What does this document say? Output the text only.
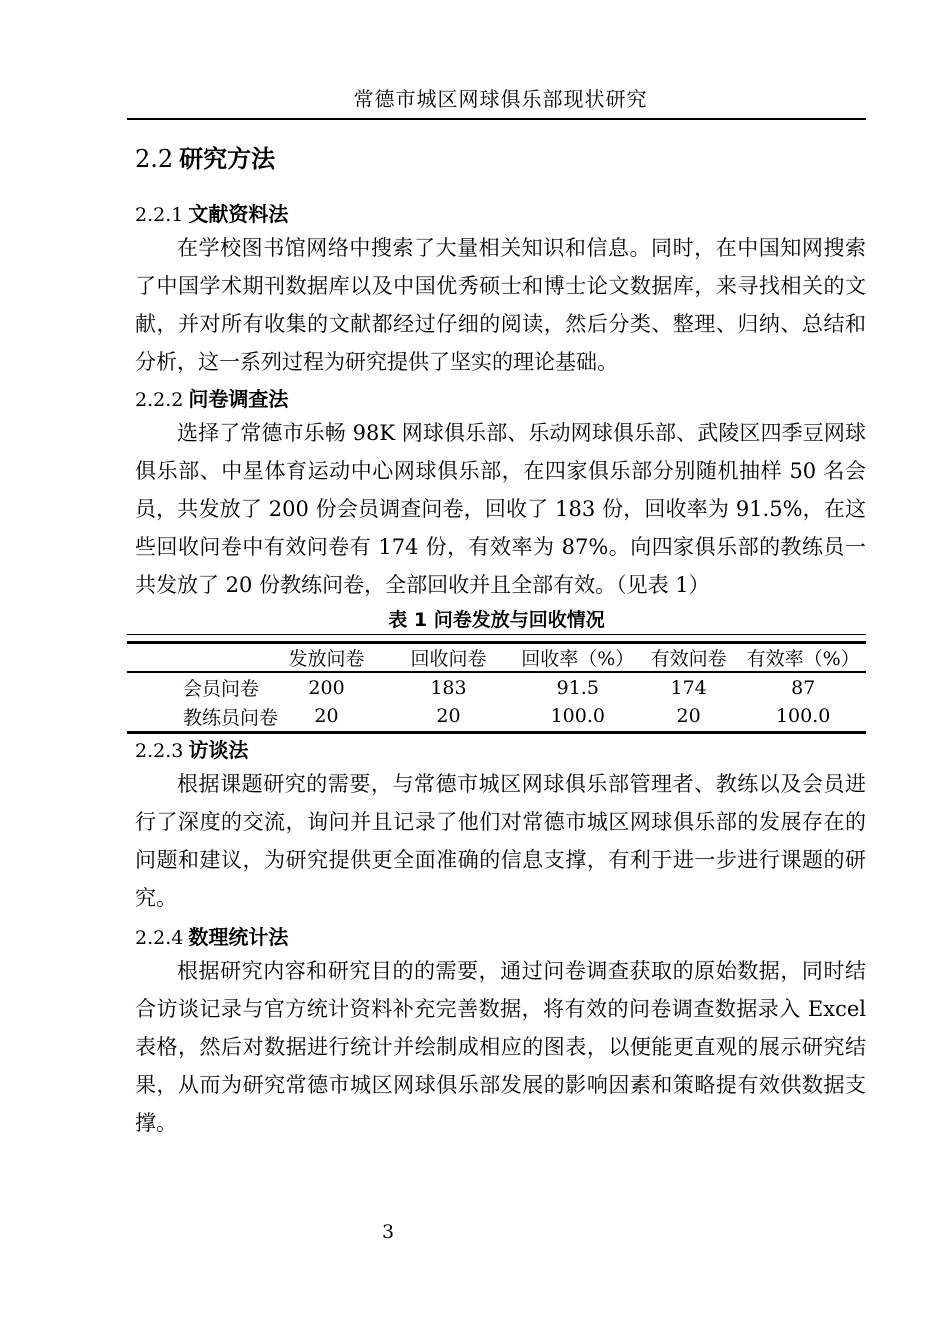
常德市城区网球俱乐部现状研究
2.2 研究方法
2.2.1 文献资料法

在学校图书馆网络中搜索了大量相关知识和信息。同时，在中国知网搜索了中国学术期刊数据库以及中国优秀硕士和博士论文数据库，来寻找相关的文献，并对所有收集的文献都经过仔细的阅读，然后分类、整理、归纳、总结和分析，这一系列过程为研究提供了坚实的理论基础。

2.2.2 问卷调查法

选择了常德市乐畅 98K 网球俱乐部、乐动网球俱乐部、武陵区四季豆网球俱乐部、中星体育运动中心网球俱乐部，在四家俱乐部分别随机抽样 50 名会员，共发放了 200 份会员调查问卷，回收了 183 份，回收率为 91.5%，在这些回收问卷中有效问卷有 174 份，有效率为 87%。向四家俱乐部的教练员一共发放了 20 份教练问卷，全部回收并且全部有效。（见表 1）

表 1 问卷发放与回收情况
	发放问卷	回收问卷	回收率（%）	有效问卷	有效率（%）
会员问卷	200	183	91.5	174	87
教练员问卷	20	20	100.0	20	100.0
2.2.3 访谈法

根据课题研究的需要，与常德市城区网球俱乐部管理者、教练以及会员进行了深度的交流，询问并且记录了他们对常德市城区网球俱乐部的发展存在的问题和建议，为研究提供更全面准确的信息支撑，有利于进一步进行课题的研究。

2.2.4 数理统计法

根据研究内容和研究目的的需要，通过问卷调查获取的原始数据，同时结合访谈记录与官方统计资料补充完善数据，将有效的问卷调查数据录入 Excel 表格，然后对数据进行统计并绘制成相应的图表，以便能更直观的展示研究结果，从而为研究常德市城区网球俱乐部发展的影响因素和策略提有效供数据支撑。

3
